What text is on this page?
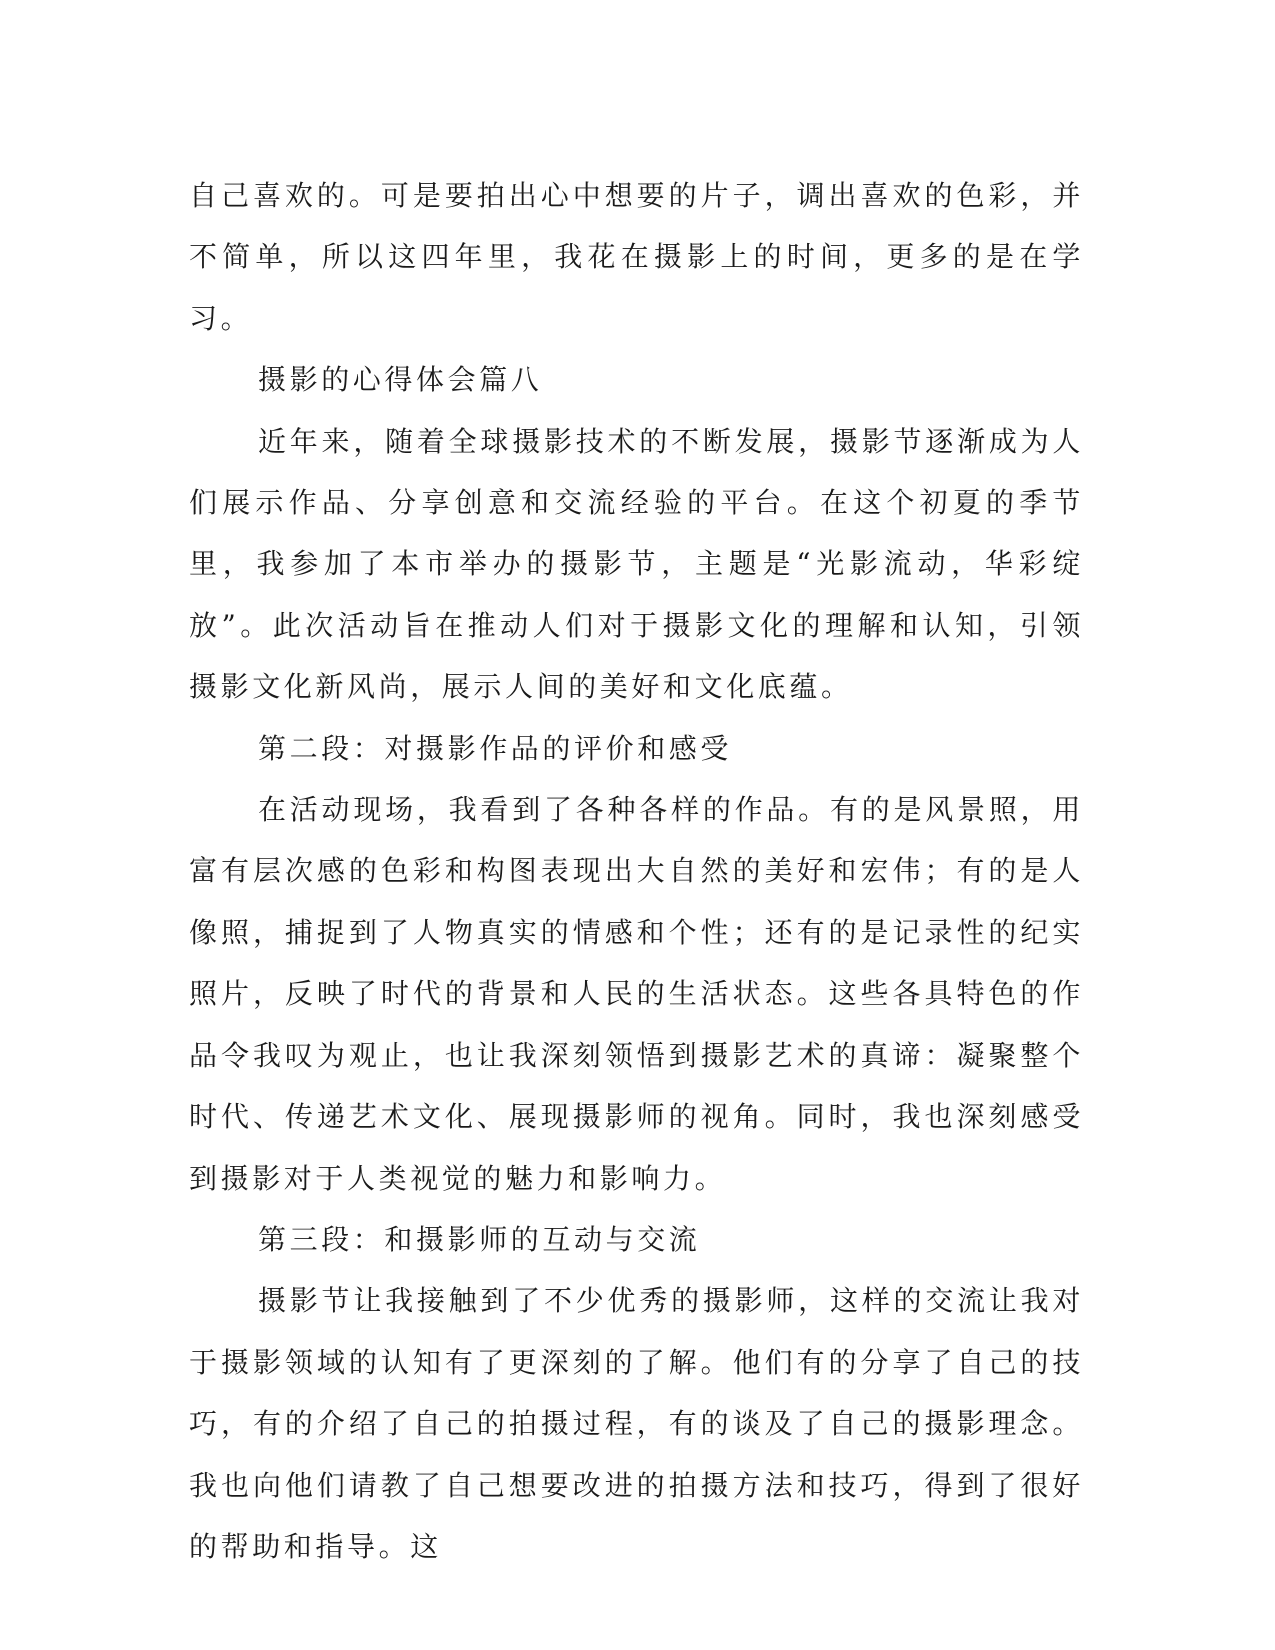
自己喜欢的。可是要拍出心中想要的片子，调出喜欢的色彩，并不简单，所以这四年里，我花在摄影上的时间，更多的是在学习。

摄影的心得体会篇八

近年来，随着全球摄影技术的不断发展，摄影节逐渐成为人们展示作品、分享创意和交流经验的平台。在这个初夏的季节里，我参加了本市举办的摄影节，主题是“光影流动，华彩绽放”。此次活动旨在推动人们对于摄影文化的理解和认知，引领摄影文化新风尚，展示人间的美好和文化底蕴。

第二段：对摄影作品的评价和感受

在活动现场，我看到了各种各样的作品。有的是风景照，用富有层次感的色彩和构图表现出大自然的美好和宏伟；有的是人像照，捕捉到了人物真实的情感和个性；还有的是记录性的纪实照片，反映了时代的背景和人民的生活状态。这些各具特色的作品令我叹为观止，也让我深刻领悟到摄影艺术的真谛：凝聚整个时代、传递艺术文化、展现摄影师的视角。同时，我也深刻感受到摄影对于人类视觉的魅力和影响力。

第三段：和摄影师的互动与交流

摄影节让我接触到了不少优秀的摄影师，这样的交流让我对于摄影领域的认知有了更深刻的了解。他们有的分享了自己的技巧，有的介绍了自己的拍摄过程，有的谈及了自己的摄影理念。我也向他们请教了自己想要改进的拍摄方法和技巧，得到了很好的帮助和指导。这
